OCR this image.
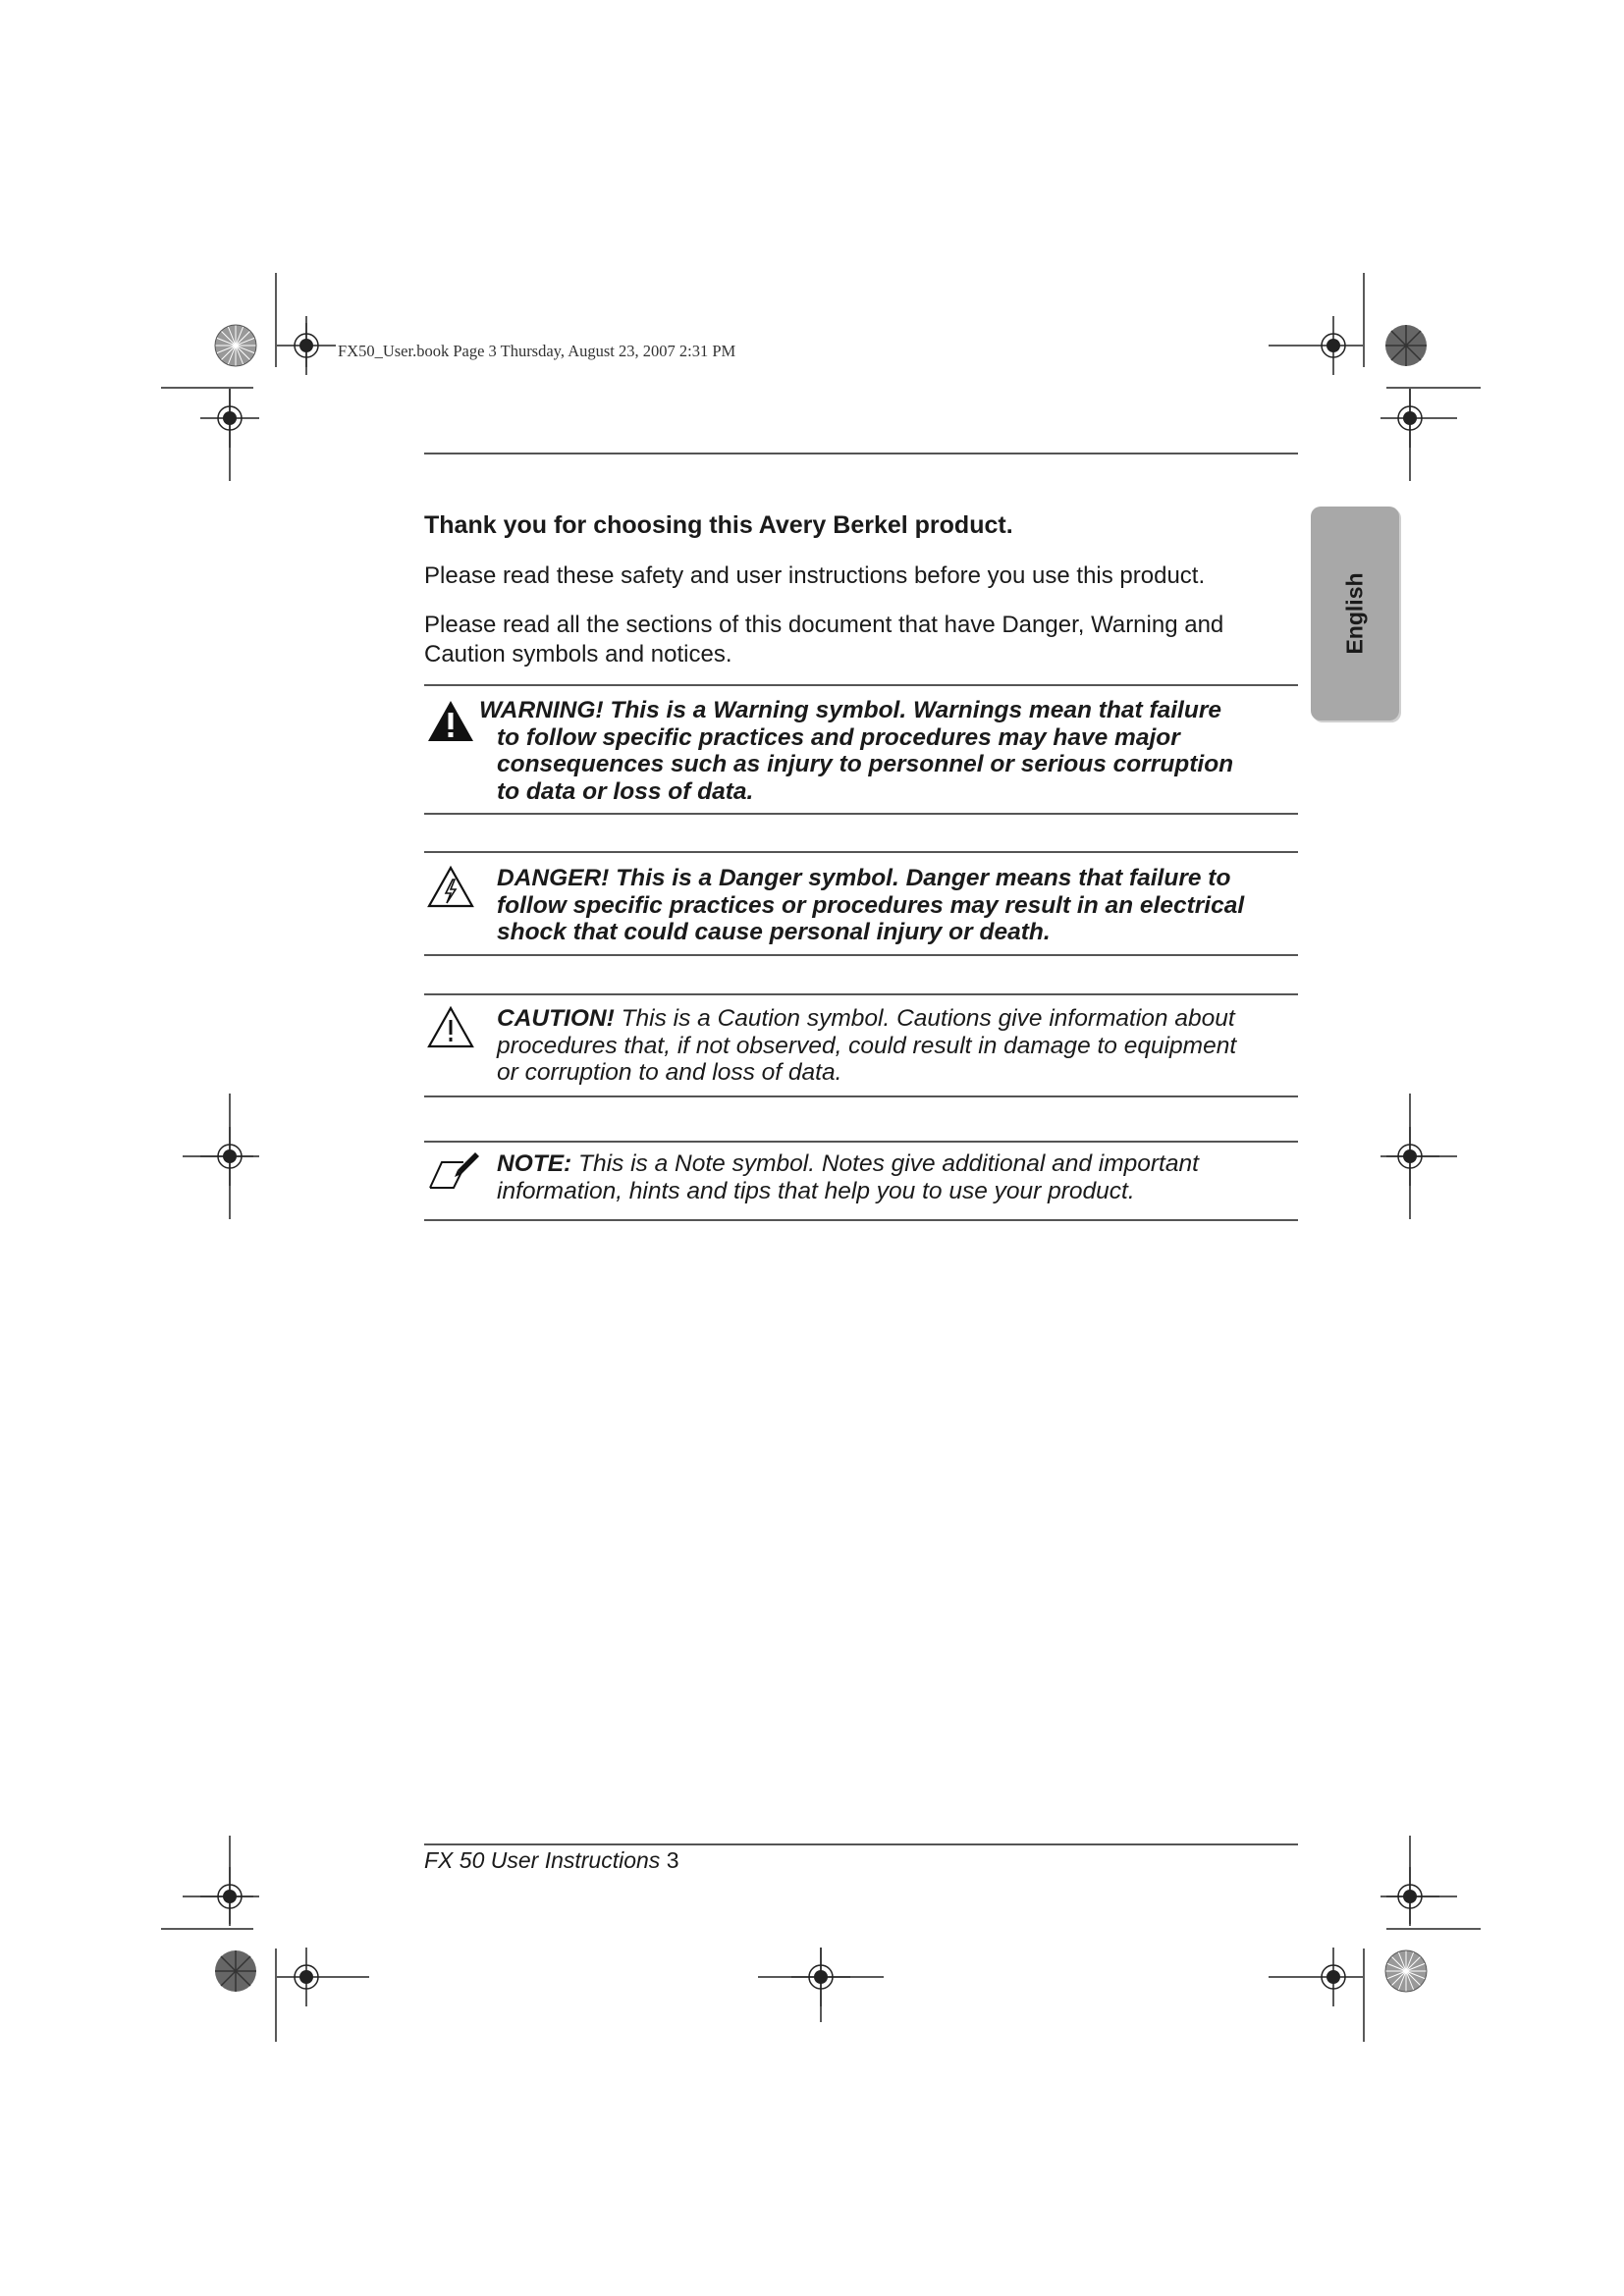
FX50_User.book Page 3 Thursday, August 23, 2007 2:31 PM
English
Thank you for choosing this Avery Berkel product.
Please read these safety and user instructions before you use this product.
Please read all the sections of this document that have Danger, Warning and Caution symbols and notices.
WARNING! This is a Warning symbol. Warnings mean that failure
to follow specific practices and procedures may have major
consequences such as injury to personnel or serious corruption
to data or loss of data.
DANGER! This is a Danger symbol. Danger means that failure to
follow specific practices or procedures may result in an electrical
shock that could cause personal injury or death.
CAUTION! This is a Caution symbol. Cautions give information about
procedures that, if not observed, could result in damage to equipment
or corruption to and loss of data.
NOTE: This is a Note symbol. Notes give additional and important
information, hints and tips that help you to use your product.
FX 50 User Instructions 3
